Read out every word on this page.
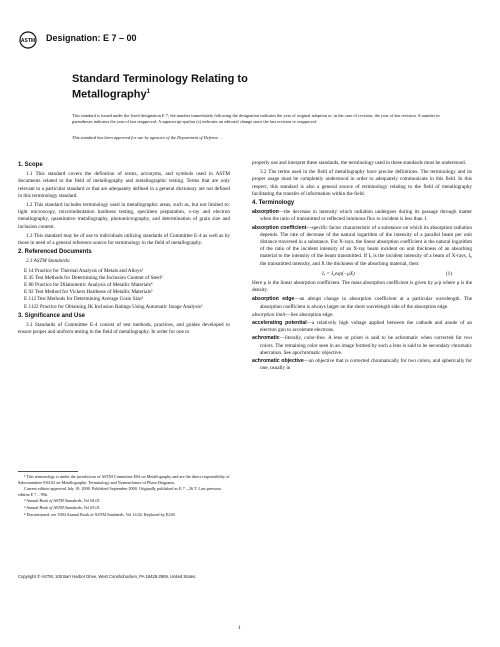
ASTM Designation: E 7 – 00
Standard Terminology Relating to
Metallography$^1$
This standard is issued under the fixed designation E 7; the number immediately following the designation indicates the year of original adoption or, in the case of revision, the year of last revision. A number in parentheses indicates the year of last reapproval. A superscript epsilon (ε) indicates an editorial change since the last revision or reapproval.
This standard has been approved for use by agencies of the Department of Defense.
1. Scope

1.1 This standard covers the definition of terms, acronyms, and symbols used in ASTM documents related to the field of metallography and metallographic testing. Terms that are only relevant to a particular standard or that are adequately defined in a general dictionary are not defined in this terminology standard.

1.2 This standard includes terminology used in metallographic areas, such as, but not limited to: light microscopy, microindentation hardness testing, specimen preparation, x-ray and electron metallography, quantitative metallography, photomicrography, and determination of grain size and inclusion content.

1.3 This standard may be of use to individuals utilizing standards of Committee E-4 as well as by those in need of a general reference source for terminology in the field of metallography.

2. Referenced Documents

2.1 ASTM Standards:

E 14 Practice for Thermal Analysis of Metals and Alloys²
E 45 Test Methods for Determining the Inclusion Content of Steel³
E 80 Practice for Dilatometric Analysis of Metallic Materials⁴
E 92 Test Method for Vickers Hardness of Metallic Materials³
E 112 Test Methods for Determining Average Grain Size³
E 1122 Practice for Obtaining JK Inclusion Ratings Using Automatic Image Analysis³
3. Significance and Use

3.1 Standards of Committee E-4 consist of test methods, practices, and guides developed to ensure proper and uniform testing in the field of metallography. In order for one to

¹ This terminology is under the jurisdiction of ASTM Committee E04 on Metallography and are the direct responsibility of Subcommittee E04.02 on Metallographic Terminology and Nomenclature of Phase Diagrams.

Current edition approved July 10, 2000. Published September 2000. Originally published as E 7 – 26 T. Last previous edition E 7 – 99b.

² Annual Book of ASTM Standards, Vol 04.01.

³ Annual Book of ASTM Standards, Vol 03.01.

⁴ Discontinued; see 1984 Annual Book of ASTM Standards, Vol 14.02. Replaced by E228.

properly use and interpret these standards, the terminology used in these standards must be understood.

3.2 The terms used in the field of metallography have precise definitions. The terminology and its proper usage must be completely understood in order to adequately communicate in this field. In this respect, this standard is also a general source of terminology relating to the field of metallography facilitating the transfer of information within the field.

4. Terminology
absorption—the decrease in intensity which radiation undergoes during its passage through matter when the ratio of transmitted or reflected luminous flux to incident is less than 1.
absorption coefficient—specific factor characteristic of a substance on which its absorption radiation depends. The rate of decrease of the natural logarithm of the intensity of a parallel beam per unit distance traversed in a substance. For X-rays, the linear absorption coefficient is the natural logarithm of the ratio of the incident intensity of an X-ray beam incident on unit thickness of an absorbing material to the intensity of the beam transmitted. If Iₓ is the incident intensity of a beam of X-rays, I₀ the transmitted intensity, and X the thickness of the absorbing material, then:
Iₓ = I₀exp(−μX)	(1)

Here μ is the linear absorption coefficient. The mass absorption coefficient is given by μ/ρ where ρ is the density.

absorption edge—an abrupt change in absorption coefficient at a particular wavelength. The absorption coefficient is always larger on the short wavelength side of the absorption edge.
absorption limit—See absorption edge.
accelerating potential—a relatively high voltage applied between the cathode and anode of an electron gun to accelerate electrons.
achromatic—literally, color-free. A lens or prism is said to be achromatic when corrected for two colors. The remaining color seen in an image formed by such a lens is said to be secondary chromatic aberration. See apochromatic objective.
achromatic objective—an objective that is corrected chromatically for two colors, and spherically for one, usually in
Copyright © ASTM, 100 Barr Harbor Drive, West Conshohocken, PA 19428-2959, United States.
1
